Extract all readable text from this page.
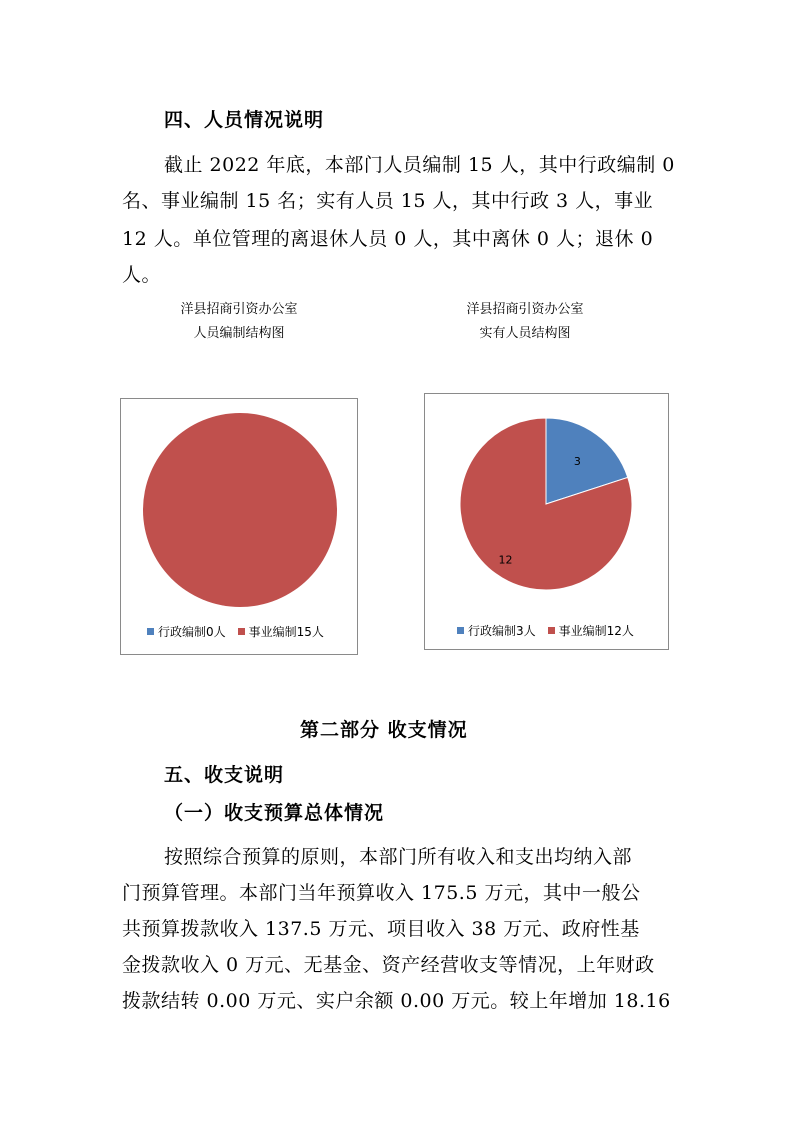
四、人员情况说明
截止 2022 年底，本部门人员编制 15 人，其中行政编制 0
名、事业编制 15 名；实有人员 15 人，其中行政 3 人，事业
12 人。单位管理的离退休人员 0 人，其中离休 0 人；退休 0
人。
洋县招商引资办公室
人员编制结构图
洋县招商引资办公室
实有人员结构图
行政编制0人 事业编制15人
3
12
行政编制3人 事业编制12人
第二部分 收支情况
五、收支说明
（一）收支预算总体情况
按照综合预算的原则，本部门所有收入和支出均纳入部
门预算管理。本部门当年预算收入 175.5 万元，其中一般公
共预算拨款收入 137.5 万元、项目收入 38 万元、政府性基
金拨款收入 0 万元、无基金、资产经营收支等情况，上年财政
拨款结转 0.00 万元、实户余额 0.00 万元。较上年增加 18.16
